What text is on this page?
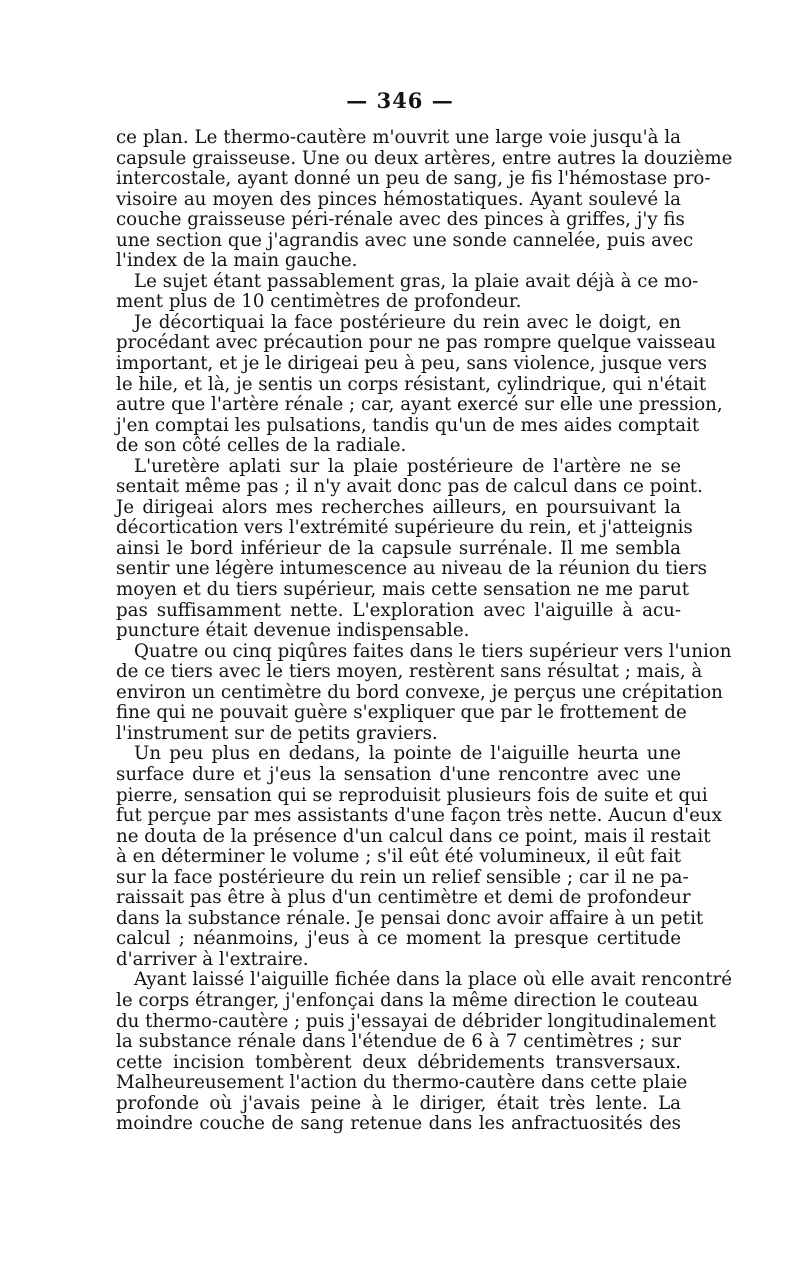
— 346 —
ce plan. Le thermo-cautère m'ouvrit une large voie jusqu'à la
capsule graisseuse. Une ou deux artères, entre autres la douzième
intercostale, ayant donné un peu de sang, je fis l'hémostase pro-
visoire au moyen des pinces hémostatiques. Ayant soulevé la
couche graisseuse péri-rénale avec des pinces à griffes, j'y fis
une section que j'agrandis avec une sonde cannelée, puis avec
l'index de la main gauche.
Le sujet étant passablement gras, la plaie avait déjà à ce mo-
ment plus de 10 centimètres de profondeur.
Je décortiquai la face postérieure du rein avec le doigt, en
procédant avec précaution pour ne pas rompre quelque vaisseau
important, et je le dirigeai peu à peu, sans violence, jusque vers
le hile, et là, je sentis un corps résistant, cylindrique, qui n'était
autre que l'artère rénale ; car, ayant exercé sur elle une pression,
j'en comptai les pulsations, tandis qu'un de mes aides comptait
de son côté celles de la radiale.
L'uretère aplati sur la plaie postérieure de l'artère ne se
sentait même pas ; il n'y avait donc pas de calcul dans ce point.
Je dirigeai alors mes recherches ailleurs, en poursuivant la
décortication vers l'extrémité supérieure du rein, et j'atteignis
ainsi le bord inférieur de la capsule surrénale. Il me sembla
sentir une légère intumescence au niveau de la réunion du tiers
moyen et du tiers supérieur, mais cette sensation ne me parut
pas suffisamment nette. L'exploration avec l'aiguille à acu-
puncture était devenue indispensable.
Quatre ou cinq piqûres faites dans le tiers supérieur vers l'union
de ce tiers avec le tiers moyen, restèrent sans résultat ; mais, à
environ un centimètre du bord convexe, je perçus une crépitation
fine qui ne pouvait guère s'expliquer que par le frottement de
l'instrument sur de petits graviers.
Un peu plus en dedans, la pointe de l'aiguille heurta une
surface dure et j'eus la sensation d'une rencontre avec une
pierre, sensation qui se reproduisit plusieurs fois de suite et qui
fut perçue par mes assistants d'une façon très nette. Aucun d'eux
ne douta de la présence d'un calcul dans ce point, mais il restait
à en déterminer le volume ; s'il eût été volumineux, il eût fait
sur la face postérieure du rein un relief sensible ; car il ne pa-
raissait pas être à plus d'un centimètre et demi de profondeur
dans la substance rénale. Je pensai donc avoir affaire à un petit
calcul ; néanmoins, j'eus à ce moment la presque certitude
d'arriver à l'extraire.
Ayant laissé l'aiguille fichée dans la place où elle avait rencontré
le corps étranger, j'enfonçai dans la même direction le couteau
du thermo-cautère ; puis j'essayai de débrider longitudinalement
la substance rénale dans l'étendue de 6 à 7 centimètres ; sur
cette incision tombèrent deux débridements transversaux.
Malheureusement l'action du thermo-cautère dans cette plaie
profonde où j'avais peine à le diriger, était très lente. La
moindre couche de sang retenue dans les anfractuosités des
